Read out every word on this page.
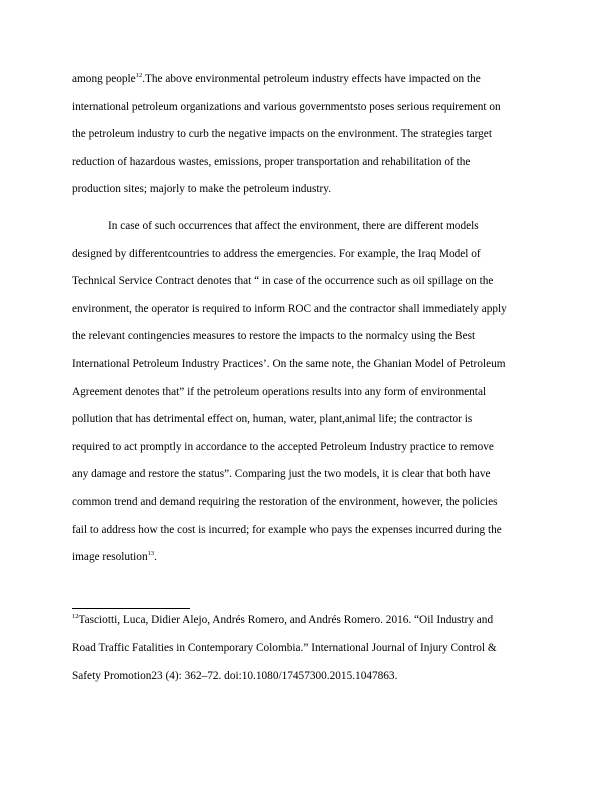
among people$^{12}$.The above environmental petroleum industry effects have impacted on the
international petroleum organizations and various governmentsto poses serious requirement on
the petroleum industry to curb the negative impacts on the environment. The strategies target
reduction of hazardous wastes, emissions, proper transportation and rehabilitation of the
production sites; majorly to make the petroleum industry.
In case of such occurrences that affect the environment, there are different models
designed by differentcountries to address the emergencies. For example, the Iraq Model of
Technical Service Contract denotes that “ in case of the occurrence such as oil spillage on the
environment, the operator is required to inform ROC and the contractor shall immediately apply
the relevant contingencies measures to restore the impacts to the normalcy using the Best
International Petroleum Industry Practices’. On the same note, the Ghanian Model of Petroleum
Agreement denotes that” if the petroleum operations results into any form of environmental
pollution that has detrimental effect on, human, water, plant,animal life; the contractor is
required to act promptly in accordance to the accepted Petroleum Industry practice to remove
any damage and restore the status”. Comparing just the two models, it is clear that both have
common trend and demand requiring the restoration of the environment, however, the policies
fail to address how the cost is incurred; for example who pays the expenses incurred during the
image resolution$^{13}$.
$^{12}$Tasciotti, Luca, Didier Alejo, Andrés Romero, and Andrés Romero. 2016. “Oil Industry and
Road Traffic Fatalities in Contemporary Colombia.” International Journal of Injury Control &
Safety Promotion23 (4): 362–72. doi:10.1080/17457300.2015.1047863.
